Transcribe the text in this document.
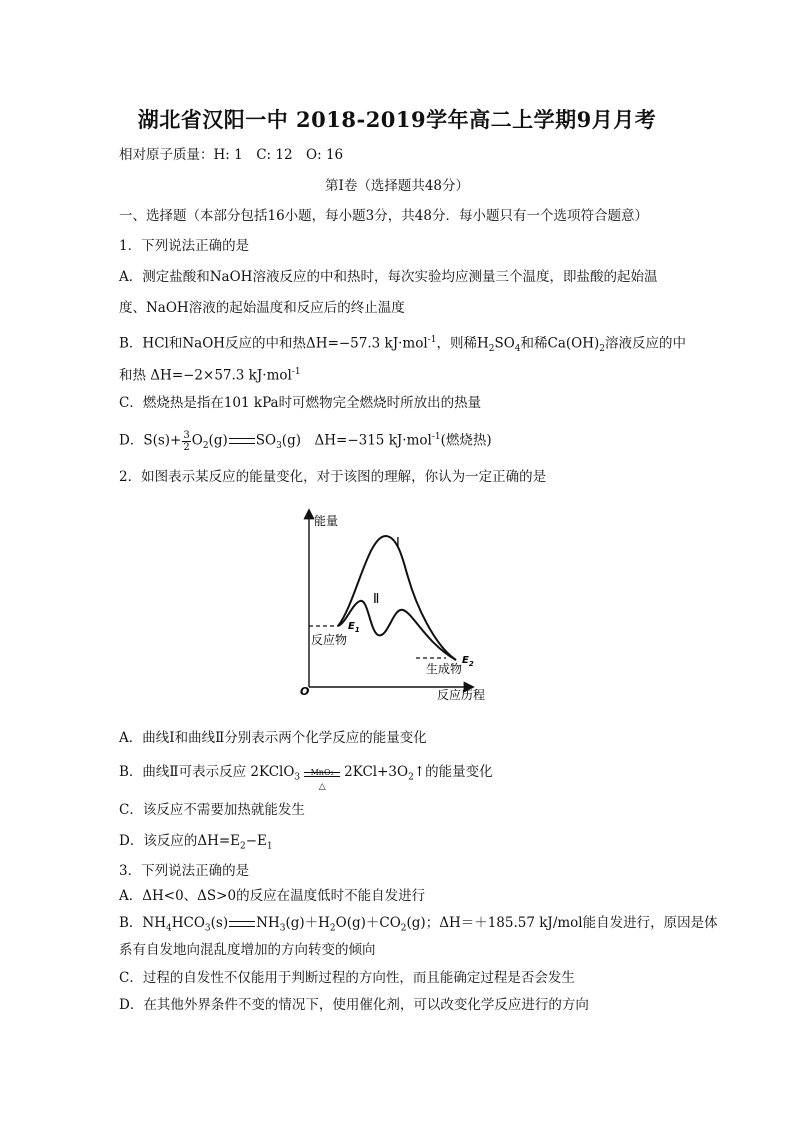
湖北省汉阳一中 2018-2019学年高二上学期9月月考
相对原子质量：H: 1　C: 12　O: 16
第Ⅰ卷（选择题共48分）
一、选择题（本部分包括16小题，每小题3分，共48分．每小题只有一个选项符合题意）
1．下列说法正确的是
A．测定盐酸和NaOH溶液反应的中和热时，每次实验均应测量三个温度，即盐酸的起始温
度、NaOH溶液的起始温度和反应后的终止温度
B．HCl和NaOH反应的中和热ΔH=−57.3 kJ·mol$^{-1}$，则稀$H_2SO_4$和稀$Ca(OH)_2$溶液反应的中
和热 ΔH=−2×57.3 kJ·mol$^{-1}$
C．燃烧热是指在101 kPa时可燃物完全燃烧时所放出的热量
D．$S(s)+ \frac{3}{2} O_2(g)$ $SO_3(g)$　 ΔH=−315 kJ·mol$^{-1}$(燃烧热)
2．如图表示某反应的能量变化，对于该图的理解，你认为一定正确的是
能量
反应历程
O
Ⅰ
Ⅱ
$E_1$
反应物
$E_2$
生成物
A．曲线Ⅰ和曲线Ⅱ分别表示两个化学反应的能量变化
B．曲线Ⅱ可表示反应 2KClO$_3$
MnO₂
△
$2KCl+3O_2↑$的能量变化
C．该反应不需要加热就能发生
D．该反应的$\Delta H=E_2-E_1$
3．下列说法正确的是
A．ΔH<0、ΔS>0的反应在温度低时不能自发进行
B．$NH_4HCO_3(s)$ $NH_3(g)+H_2O(g)+CO_2(g)$；ΔH＝＋185.57 kJ/mol能自发进行，原因是体
系有自发地向混乱度增加的方向转变的倾向
C．过程的自发性不仅能用于判断过程的方向性，而且能确定过程是否会发生
D．在其他外界条件不变的情况下，使用催化剂，可以改变化学反应进行的方向
